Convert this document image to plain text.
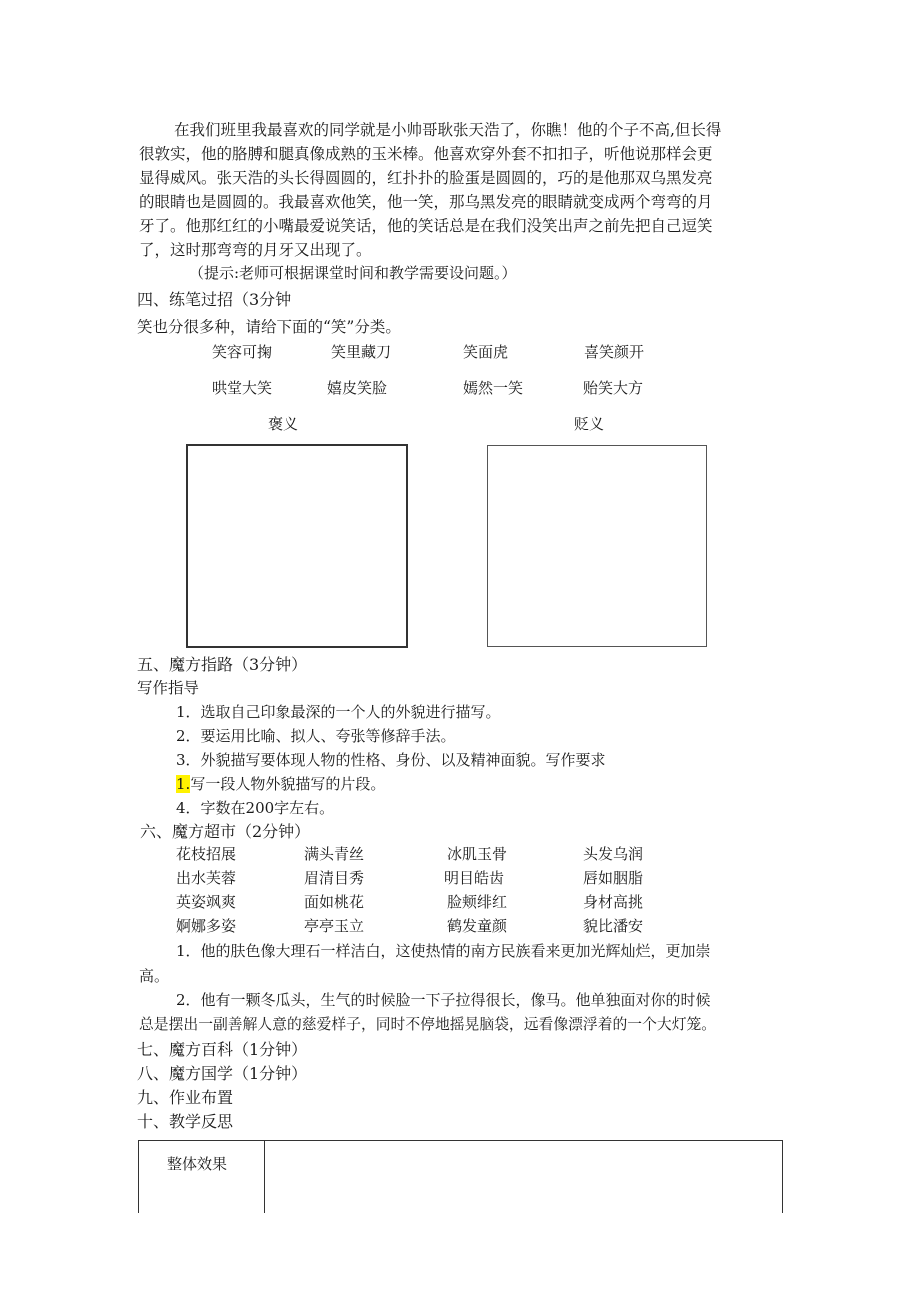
在我们班里我最喜欢的同学就是小帅哥耿张天浩了，你瞧！他的个子不高,但长得
很敦实，他的胳膊和腿真像成熟的玉米棒。他喜欢穿外套不扣扣子，听他说那样会更
显得威风。张天浩的头长得圆圆的，红扑扑的脸蛋是圆圆的，巧的是他那双乌黑发亮
的眼睛也是圆圆的。我最喜欢他笑，他一笑，那乌黑发亮的眼睛就变成两个弯弯的月
牙了。他那红红的小嘴最爱说笑话，他的笑话总是在我们没笑出声之前先把自己逗笑
了，这时那弯弯的月牙又出现了。
（提示:老师可根据课堂时间和教学需要设问题。）
四、练笔过招（3分钟
笑也分很多种，请给下面的“笑”分类。
笑容可掬	笑里藏刀	笑面虎	喜笑颜开
哄堂大笑	嬉皮笑脸	嫣然一笑	贻笑大方
褒义	贬义
五、魔方指路（3分钟）
写作指导
1．选取自己印象最深的一个人的外貌进行描写。
2．要运用比喻、拟人、夸张等修辞手法。
3．外貌描写要体现人物的性格、身份、以及精神面貌。写作要求
1.写一段人物外貌描写的片段。
4．字数在200字左右。
六、魔方超市（2分钟）
花枝招展	满头青丝	冰肌玉骨	头发乌润
出水芙蓉	眉清目秀	明目皓齿	唇如胭脂
英姿飒爽	面如桃花	脸颊绯红	身材高挑
婀娜多姿	亭亭玉立	鹤发童颜	貌比潘安
1．他的肤色像大理石一样洁白，这使热情的南方民族看来更加光辉灿烂，更加崇
高。
2．他有一颗冬瓜头，生气的时候脸一下子拉得很长，像马。他单独面对你的时候
总是摆出一副善解人意的慈爱样子，同时不停地摇晃脑袋，远看像漂浮着的一个大灯笼。
七、魔方百科（1分钟）
八、魔方国学（1分钟）
九、作业布置
十、教学反思
整体效果	
